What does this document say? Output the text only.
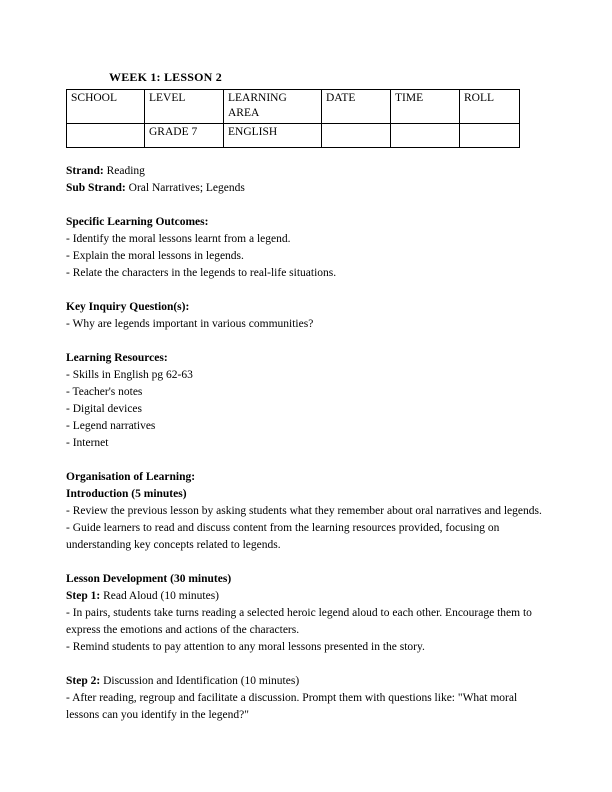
WEEK 1: LESSON 2

SCHOOL	LEVEL	LEARNING AREA	DATE	TIME	ROLL
	GRADE 7	ENGLISH			

Strand: Reading

Sub Strand: Oral Narratives; Legends

Specific Learning Outcomes:

- Identify the moral lessons learnt from a legend.

- Explain the moral lessons in legends.

- Relate the characters in the legends to real-life situations.

Key Inquiry Question(s):

- Why are legends important in various communities?

Learning Resources:

- Skills in English pg 62-63

- Teacher's notes

- Digital devices

- Legend narratives

- Internet

Organisation of Learning:

Introduction (5 minutes)

- Review the previous lesson by asking students what they remember about oral narratives and legends.

- Guide learners to read and discuss content from the learning resources provided, focusing on understanding key concepts related to legends.

Lesson Development (30 minutes)

Step 1: Read Aloud (10 minutes)

- In pairs, students take turns reading a selected heroic legend aloud to each other. Encourage them to express the emotions and actions of the characters.

- Remind students to pay attention to any moral lessons presented in the story.

Step 2: Discussion and Identification (10 minutes)

- After reading, regroup and facilitate a discussion. Prompt them with questions like: "What moral lessons can you identify in the legend?"
